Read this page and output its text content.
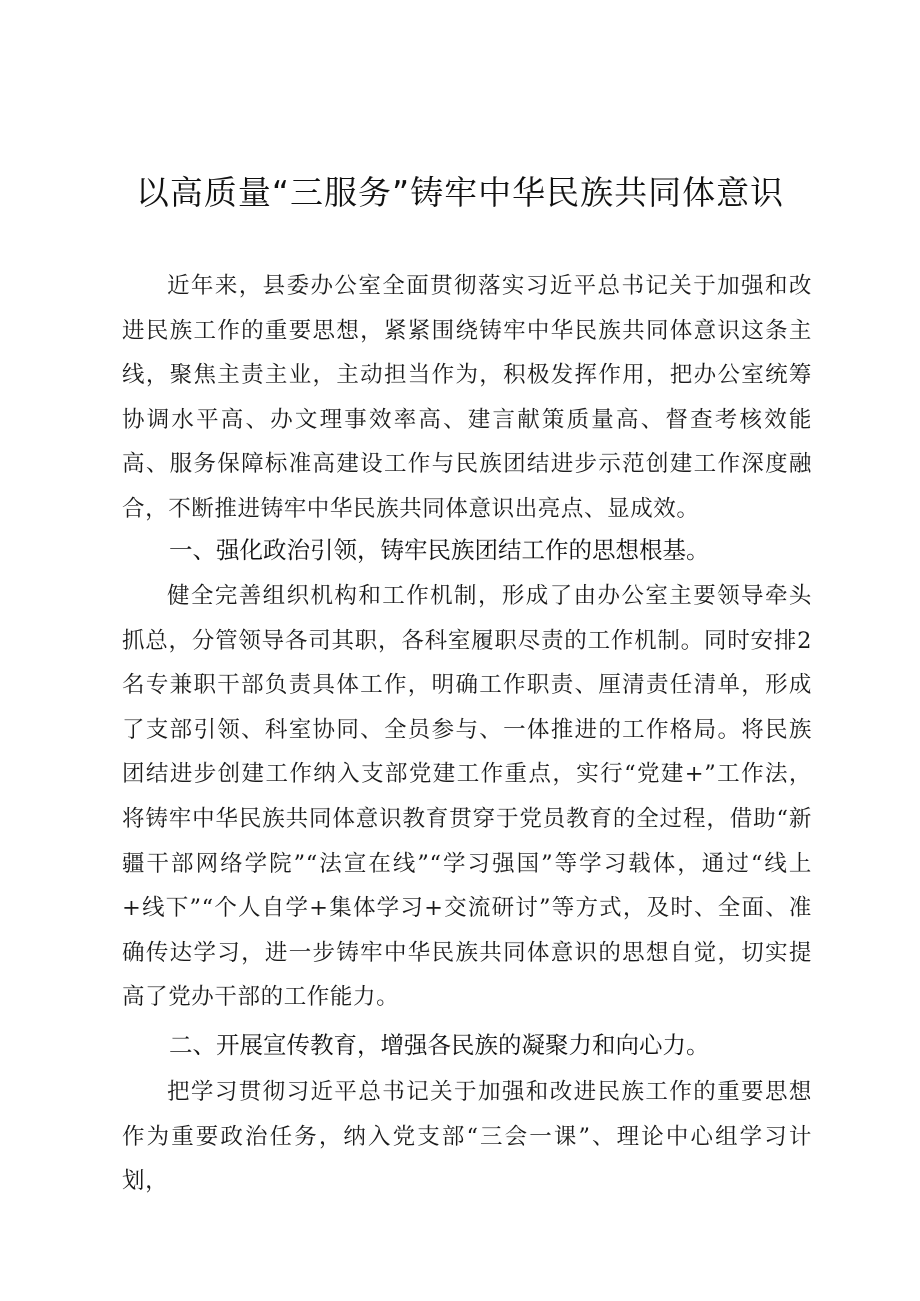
以高质量“三服务”铸牢中华民族共同体意识

近年来，县委办公室全面贯彻落实习近平总书记关于加强和改进民族工作的重要思想，紧紧围绕铸牢中华民族共同体意识这条主线，聚焦主责主业，主动担当作为，积极发挥作用，把办公室统筹协调水平高、办文理事效率高、建言献策质量高、督查考核效能高、服务保障标准高建设工作与民族团结进步示范创建工作深度融合，不断推进铸牢中华民族共同体意识出亮点、显成效。

一、强化政治引领，铸牢民族团结工作的思想根基。

健全完善组织机构和工作机制，形成了由办公室主要领导牵头抓总，分管领导各司其职，各科室履职尽责的工作机制。同时安排2名专兼职干部负责具体工作，明确工作职责、厘清责任清单，形成了支部引领、科室协同、全员参与、一体推进的工作格局。将民族团结进步创建工作纳入支部党建工作重点，实行“党建+”工作法，将铸牢中华民族共同体意识教育贯穿于党员教育的全过程，借助“新疆干部网络学院”“法宣在线”“学习强国”等学习载体，通过“线上+线下”“个人自学+集体学习+交流研讨”等方式，及时、全面、准确传达学习，进一步铸牢中华民族共同体意识的思想自觉，切实提高了党办干部的工作能力。

二、开展宣传教育，增强各民族的凝聚力和向心力。

把学习贯彻习近平总书记关于加强和改进民族工作的重要思想作为重要政治任务，纳入党支部“三会一课”、理论中心组学习计划，
